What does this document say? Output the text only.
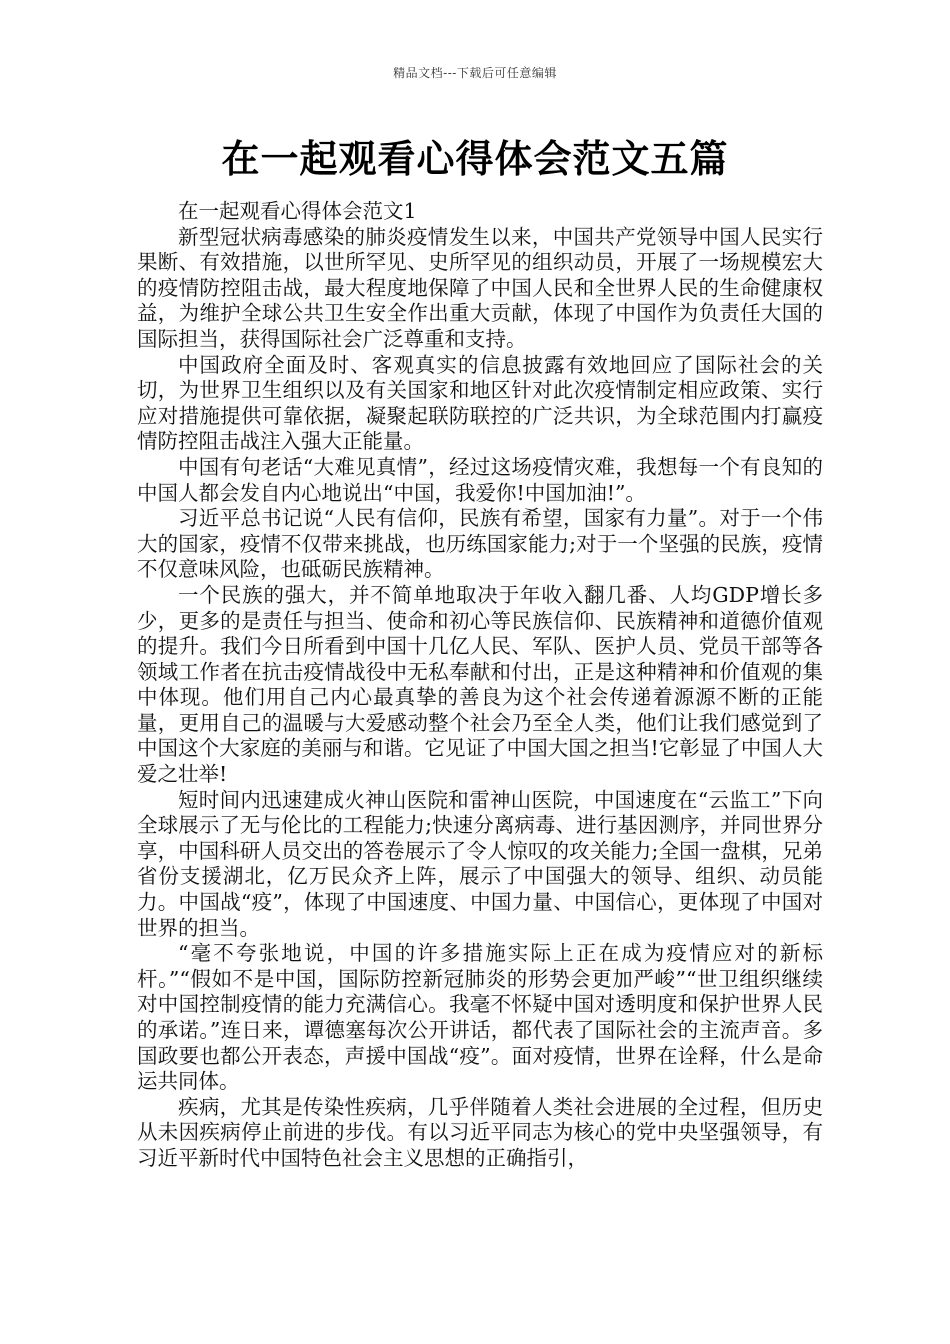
精品文档---下载后可任意编辑
在一起观看心得体会范文五篇

在一起观看心得体会范文1

新型冠状病毒感染的肺炎疫情发生以来，中国共产党领导中国人民实行果断、有效措施，以世所罕见、史所罕见的组织动员，开展了一场规模宏大的疫情防控阻击战，最大程度地保障了中国人民和全世界人民的生命健康权益，为维护全球公共卫生安全作出重大贡献，体现了中国作为负责任大国的国际担当，获得国际社会广泛尊重和支持。

中国政府全面及时、客观真实的信息披露有效地回应了国际社会的关切，为世界卫生组织以及有关国家和地区针对此次疫情制定相应政策、实行应对措施提供可靠依据，凝聚起联防联控的广泛共识，为全球范围内打赢疫情防控阻击战注入强大正能量。

中国有句老话“大难见真情”，经过这场疫情灾难，我想每一个有良知的中国人都会发自内心地说出“中国，我爱你!中国加油!”。

习近平总书记说“人民有信仰，民族有希望，国家有力量”。对于一个伟大的国家，疫情不仅带来挑战，也历练国家能力;对于一个坚强的民族，疫情不仅意味风险，也砥砺民族精神。

一个民族的强大，并不简单地取决于年收入翻几番、人均GDP增长多少，更多的是责任与担当、使命和初心等民族信仰、民族精神和道德价值观的提升。我们今日所看到中国十几亿人民、军队、医护人员、党员干部等各领域工作者在抗击疫情战役中无私奉献和付出，正是这种精神和价值观的集中体现。他们用自己内心最真挚的善良为这个社会传递着源源不断的正能量，更用自己的温暖与大爱感动整个社会乃至全人类，他们让我们感觉到了中国这个大家庭的美丽与和谐。它见证了中国大国之担当!它彰显了中国人大爱之壮举!

短时间内迅速建成火神山医院和雷神山医院，中国速度在“云监工”下向全球展示了无与伦比的工程能力;快速分离病毒、进行基因测序，并同世界分享，中国科研人员交出的答卷展示了令人惊叹的攻关能力;全国一盘棋，兄弟省份支援湖北，亿万民众齐上阵，展示了中国强大的领导、组织、动员能力。中国战“疫”，体现了中国速度、中国力量、中国信心，更体现了中国对世界的担当。

“毫不夸张地说，中国的许多措施实际上正在成为疫情应对的新标杆。”“假如不是中国，国际防控新冠肺炎的形势会更加严峻”“世卫组织继续对中国控制疫情的能力充满信心。我毫不怀疑中国对透明度和保护世界人民的承诺。”连日来，谭德塞每次公开讲话，都代表了国际社会的主流声音。多国政要也都公开表态，声援中国战“疫”。面对疫情，世界在诠释，什么是命运共同体。

疾病，尤其是传染性疾病，几乎伴随着人类社会进展的全过程，但历史从未因疾病停止前进的步伐。有以习近平同志为核心的党中央坚强领导，有习近平新时代中国特色社会主义思想的正确指引，
